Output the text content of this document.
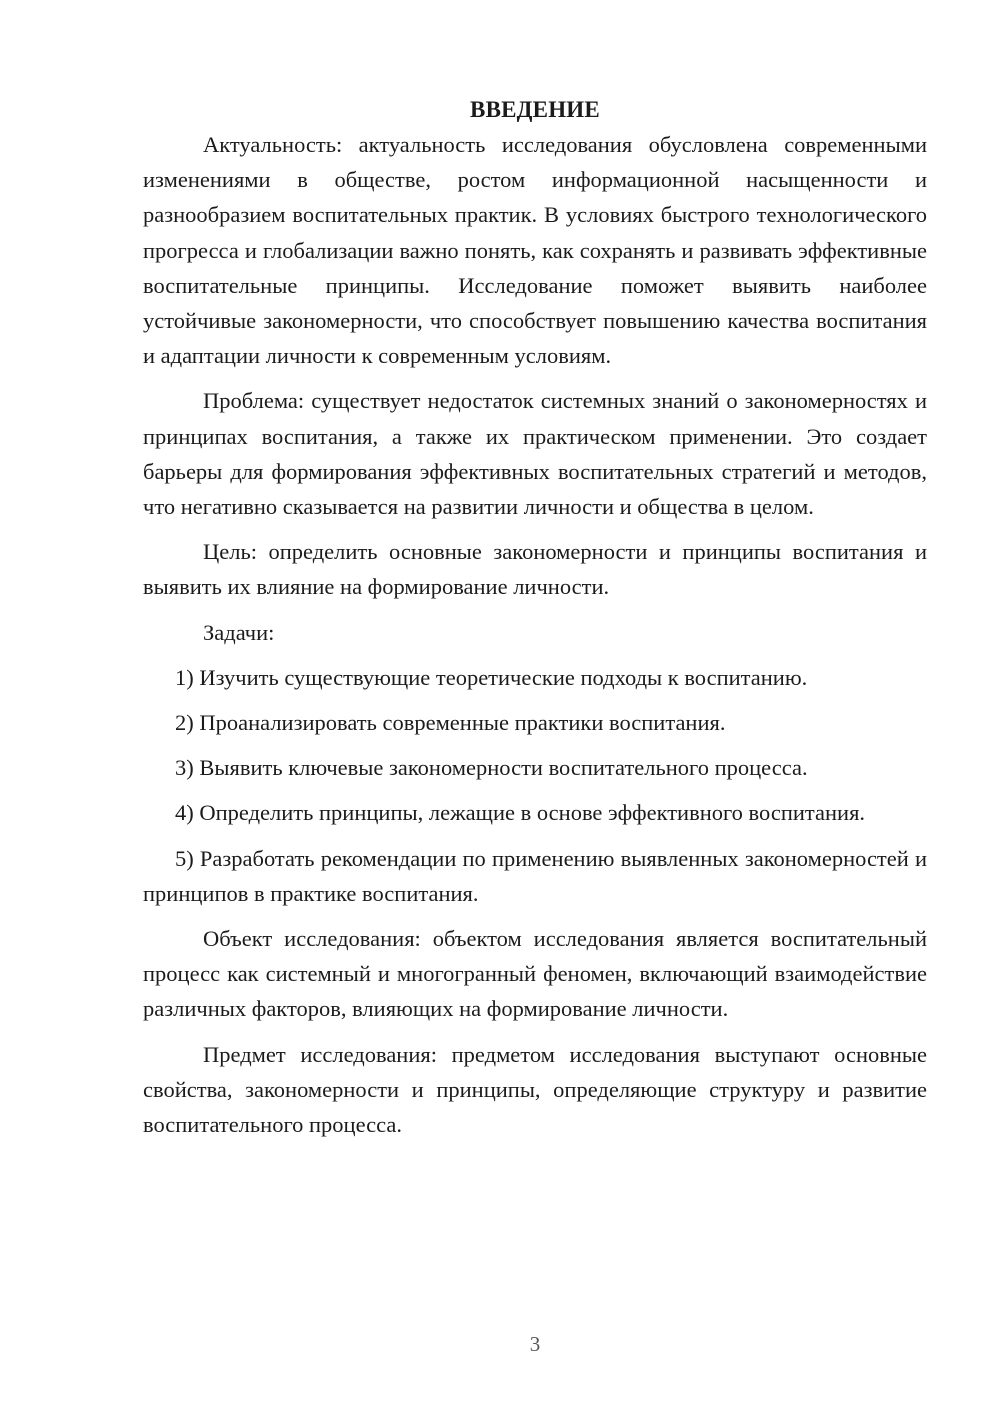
ВВЕДЕНИЕ

Актуальность: актуальность исследования обусловлена современными изменениями в обществе, ростом информационной насыщенности и разнообразием воспитательных практик. В условиях быстрого технологического прогресса и глобализации важно понять, как сохранять и развивать эффективные воспитательные принципы. Исследование поможет выявить наиболее устойчивые закономерности, что способствует повышению качества воспитания и адаптации личности к современным условиям.

Проблема: существует недостаток системных знаний о закономерностях и принципах воспитания, а также их практическом применении. Это создает барьеры для формирования эффективных воспитательных стратегий и методов, что негативно сказывается на развитии личности и общества в целом.

Цель: определить основные закономерности и принципы воспитания и выявить их влияние на формирование личности.

Задачи:

1) Изучить существующие теоретические подходы к воспитанию.

2) Проанализировать современные практики воспитания.

3) Выявить ключевые закономерности воспитательного процесса.

4) Определить принципы, лежащие в основе эффективного воспитания.

5) Разработать рекомендации по применению выявленных закономерностей и принципов в практике воспитания.

Объект исследования: объектом исследования является воспитательный процесс как системный и многогранный феномен, включающий взаимодействие различных факторов, влияющих на формирование личности.

Предмет исследования: предметом исследования выступают основные свойства, закономерности и принципы, определяющие структуру и развитие воспитательного процесса.

3
